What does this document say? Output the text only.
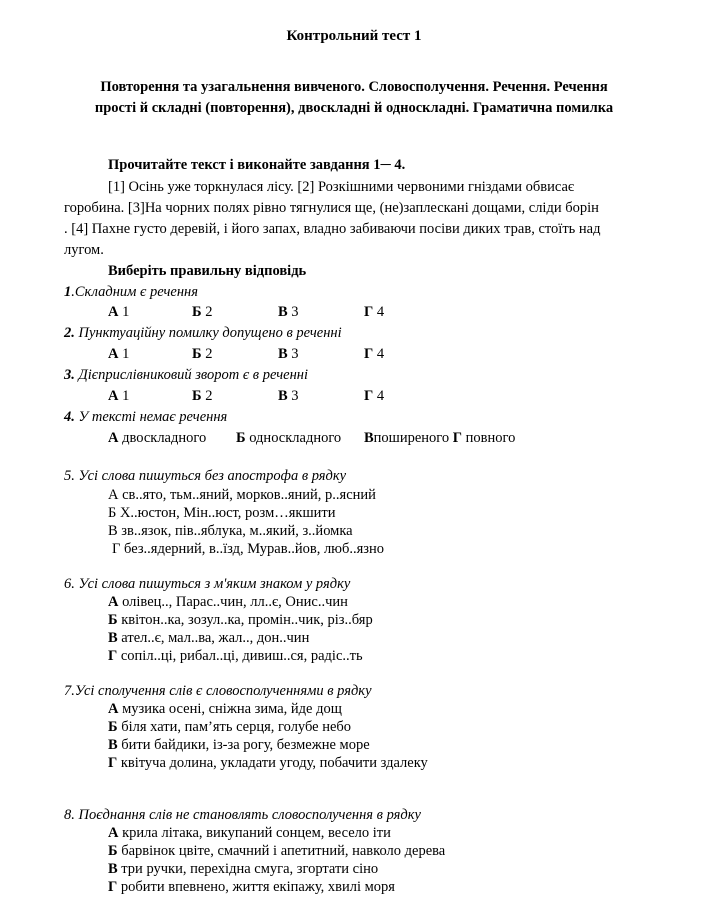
Контрольний тест 1
Повторення та узагальнення вивченого. Словосполучення. Речення. Речення
прості й складні (повторення), двоскладні й односкладні. Граматична помилка
Прочитайте текст і виконайте завдання 1─ 4.
[1] Осінь уже торкнулася лісу. [2] Розкішними червоними гніздами обвисає
горобина. [3]На чорних полях рівно тягнулися ще, (не)заплескані дощами, сліди борін
. [4] Пахне густо деревій, і його запах, владно забиваючи посіви диких трав, стоїть над
лугом.
Виберіть правильну відповідь
1.Складним є речення
А 1	Б 2	В 3	Г 4
2. Пунктуаційну помилку допущено в реченні
А 1	Б 2	В 3	Г 4
3. Дієприслівниковий зворот є в реченні
А 1	Б 2	В 3	Г 4
4. У тексті немає речення
А двоскладного Б односкладного Впоширеного Г повного
5. Усі слова пишуться без апострофа в рядку
А св..ято, тьм..яний, морков..яний, р..ясний
Б Х..юстон, Мін..юст, розм…якшити
В зв..язок, пів..яблука, м..який, з..йомка
Г без..ядерний, в..їзд, Мурав..йов, люб..язно
6. Усі слова пишуться з м'яким знаком у рядку
А олівец.., Парас..чин, лл..є, Онис..чин
Б квітон..ка, зозул..ка, промін..чик, різ..бяр
В ател..є, мал..ва, жал.., дон..чин
Г сопіл..ці, рибал..ці, дивиш..ся, радіс..ть
7.Усі сполучення слів є словосполученнями в рядку
А музика осені, сніжна зима, йде дощ
Б біля хати, пам’ять серця, голубе небо
В бити байдики, із-за рогу, безмежне море
Г квітуча долина, укладати угоду, побачити здалеку
8. Поєднання слів не становлять словосполучення в рядку
А крила літака, викупаний сонцем, весело іти
Б барвінок цвіте, смачний і апетитний, навколо дерева
В три ручки, перехідна смуга, згортати сіно
Г робити впевнено, життя екіпажу, хвилі моря
